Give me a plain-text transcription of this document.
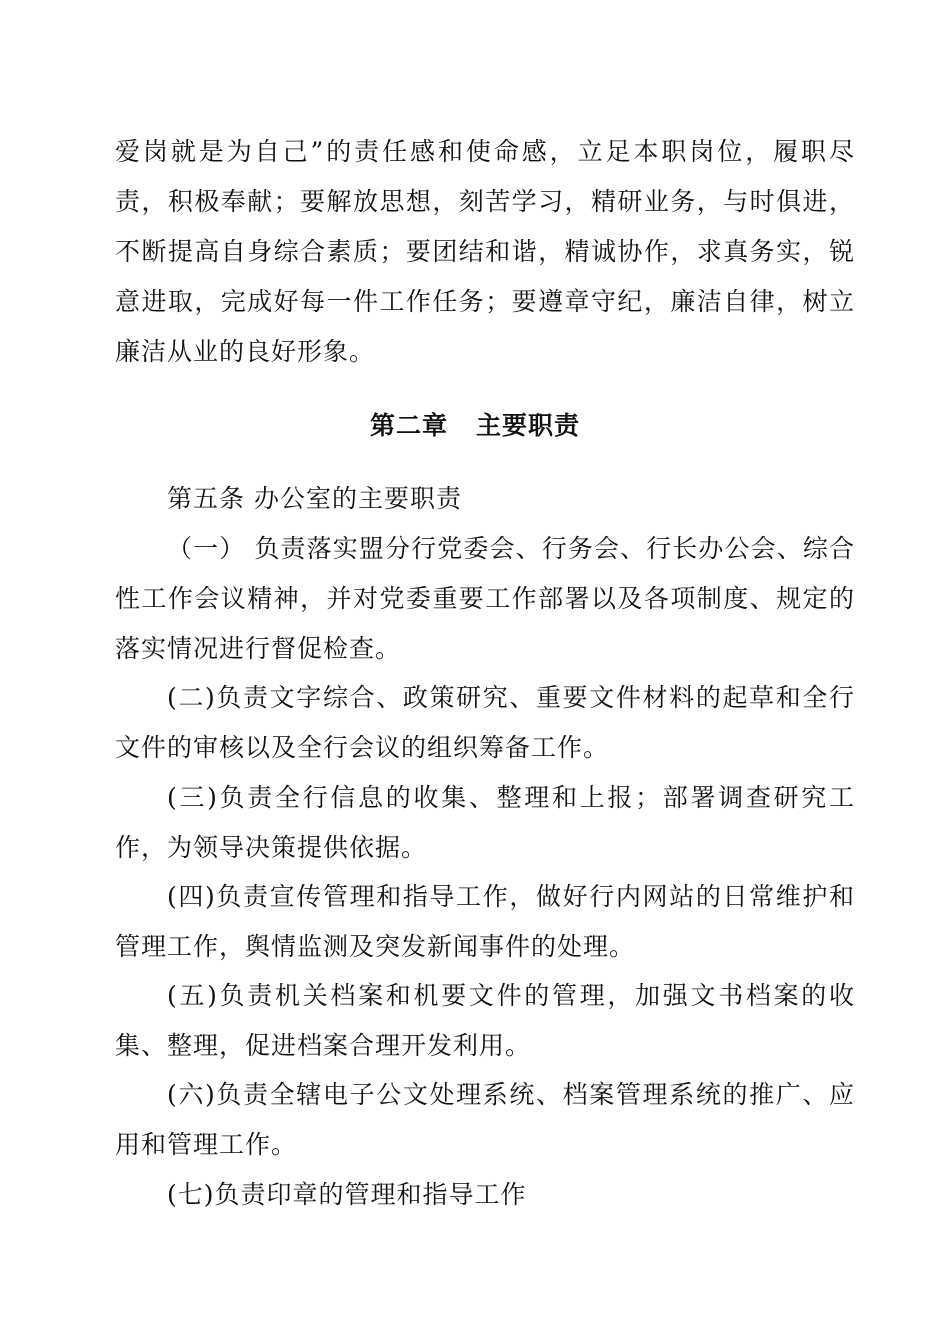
爱岗就是为自己”的责任感和使命感，立足本职岗位，履职尽责，积极奉献；要解放思想，刻苦学习，精研业务，与时俱进，不断提高自身综合素质；要团结和谐，精诚协作，求真务实，锐意进取，完成好每一件工作任务；要遵章守纪，廉洁自律，树立廉洁从业的良好形象。

第二章 主要职责

第五条 办公室的主要职责

（一） 负责落实盟分行党委会、行务会、行长办公会、综合性工作会议精神，并对党委重要工作部署以及各项制度、规定的落实情况进行督促检查。

(二)负责文字综合、政策研究、重要文件材料的起草和全行文件的审核以及全行会议的组织筹备工作。

(三)负责全行信息的收集、整理和上报；部署调查研究工作，为领导决策提供依据。

(四)负责宣传管理和指导工作，做好行内网站的日常维护和管理工作，舆情监测及突发新闻事件的处理。

(五)负责机关档案和机要文件的管理，加强文书档案的收集、整理，促进档案合理开发利用。

(六)负责全辖电子公文处理系统、档案管理系统的推广、应用和管理工作。

(七)负责印章的管理和指导工作
